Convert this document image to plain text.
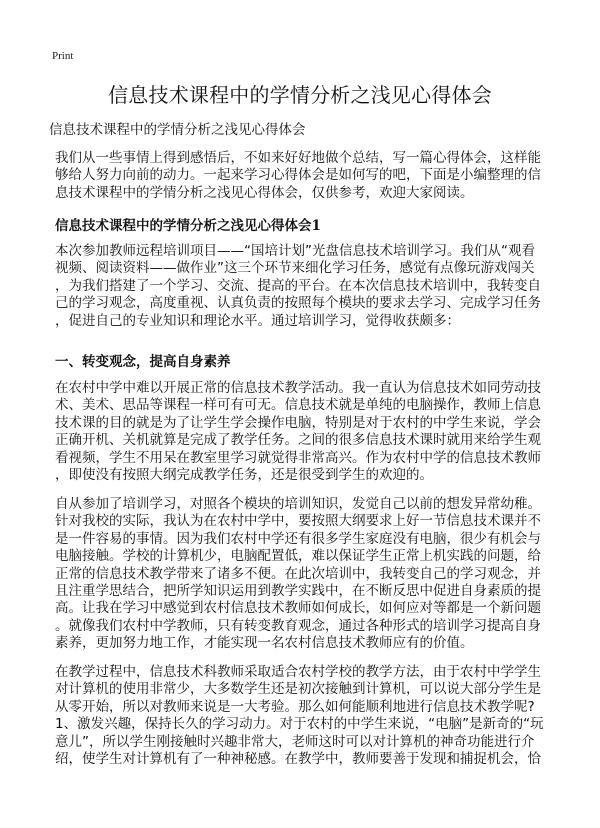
Print
信息技术课程中的学情分析之浅见心得体会
信息技术课程中的学情分析之浅见心得体会
我们从一些事情上得到感悟后，不如来好好地做个总结，写一篇心得体会，这样能
够给人努力向前的动力。一起来学习心得体会是如何写的吧，下面是小编整理的信
息技术课程中的学情分析之浅见心得体会，仅供参考，欢迎大家阅读。
信息技术课程中的学情分析之浅见心得体会1
本次参加教师远程培训项目——“国培计划”光盘信息技术培训学习。我们从“观看
视频、阅读资料——做作业”这三个环节来细化学习任务，感觉有点像玩游戏闯关
，为我们搭建了一个学习、交流、提高的平台。在本次信息技术培训中，我转变自
己的学习观念，高度重视、认真负责的按照每个模块的要求去学习、完成学习任务
，促进自己的专业知识和理论水平。通过培训学习，觉得收获颇多：
一、转变观念，提高自身素养
在农村中学中难以开展正常的信息技术教学活动。我一直认为信息技术如同劳动技
术、美术、思品等课程一样可有可无。信息技术就是单纯的电脑操作，教师上信息
技术课的目的就是为了让学生学会操作电脑，特别是对于农村的中学生来说，学会
正确开机、关机就算是完成了教学任务。之间的很多信息技术课时就用来给学生观
看视频，学生不用呆在教室里学习就觉得非常高兴。作为农村中学的信息技术教师
，即使没有按照大纲完成教学任务，还是很受到学生的欢迎的。
自从参加了培训学习，对照各个模块的培训知识，发觉自己以前的想发异常幼稚。
针对我校的实际，我认为在农村中学中，要按照大纲要求上好一节信息技术课并不
是一件容易的事情。因为我们农村中学还有很多学生家庭没有电脑，很少有机会与
电脑接触。学校的计算机少，电脑配置低，难以保证学生正常上机实践的问题，给
正常的信息技术教学带来了诸多不便。在此次培训中，我转变自己的学习观念，并
且注重学思结合，把所学知识运用到教学实践中，在不断反思中促进自身素质的提
高。让我在学习中感觉到农村信息技术教师如何成长，如何应对等都是一个新问题
。就像我们农村中学教师，只有转变教育观念，通过各种形式的培训学习提高自身
素养，更加努力地工作，才能实现一名农村信息技术教师应有的价值。
在教学过程中，信息技术科教师采取适合农村学校的教学方法，由于农村中学学生
对计算机的使用非常少，大多数学生还是初次接触到计算机，可以说大部分学生是
从零开始，所以对教师来说是一大考验。那么如何能顺利地进行信息技术教学呢?
1、激发兴趣，保持长久的学习动力。对于农村的中学生来说，“电脑”是新奇的“玩
意儿”，所以学生刚接触时兴趣非常大，老师这时可以对计算机的神奇功能进行介
绍，使学生对计算机有了一种神秘感。在教学中，教师要善于发现和捕捉机会，恰
